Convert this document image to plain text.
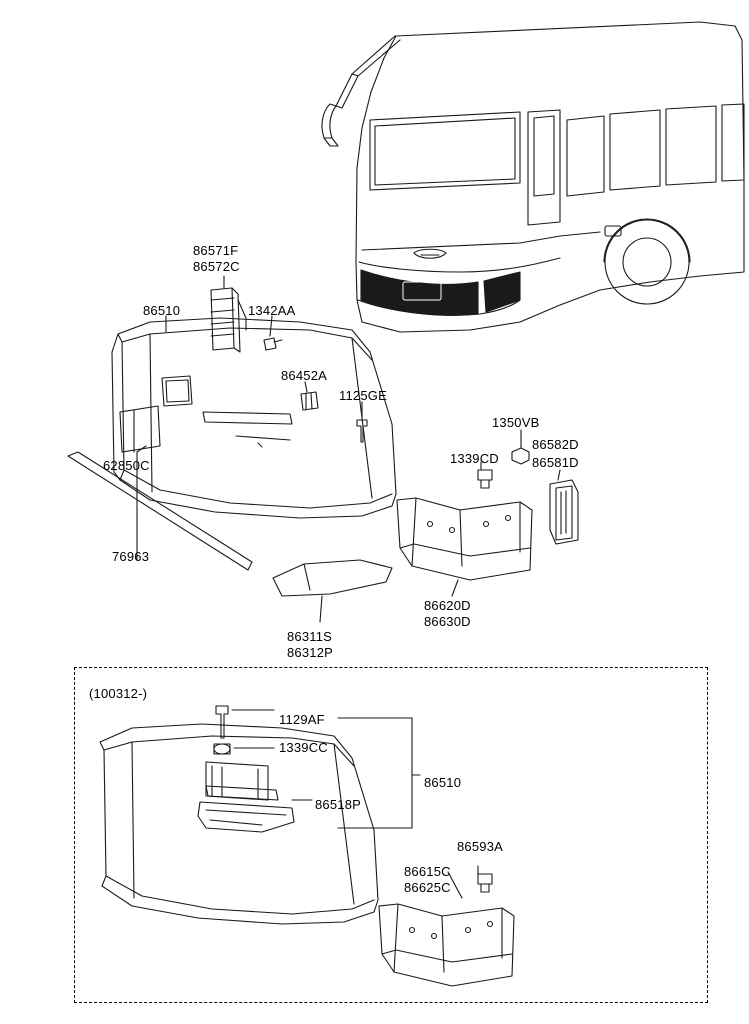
86571F
86572C
86510	1342AA
86452A
1125GE
1350VB
86582D
1339CD	86581D
62850C
76963
86620D
86630D
86311S
86312P
(100312-)
1129AF
1339CC
86510
86518P
86593A
86615C
86625C
